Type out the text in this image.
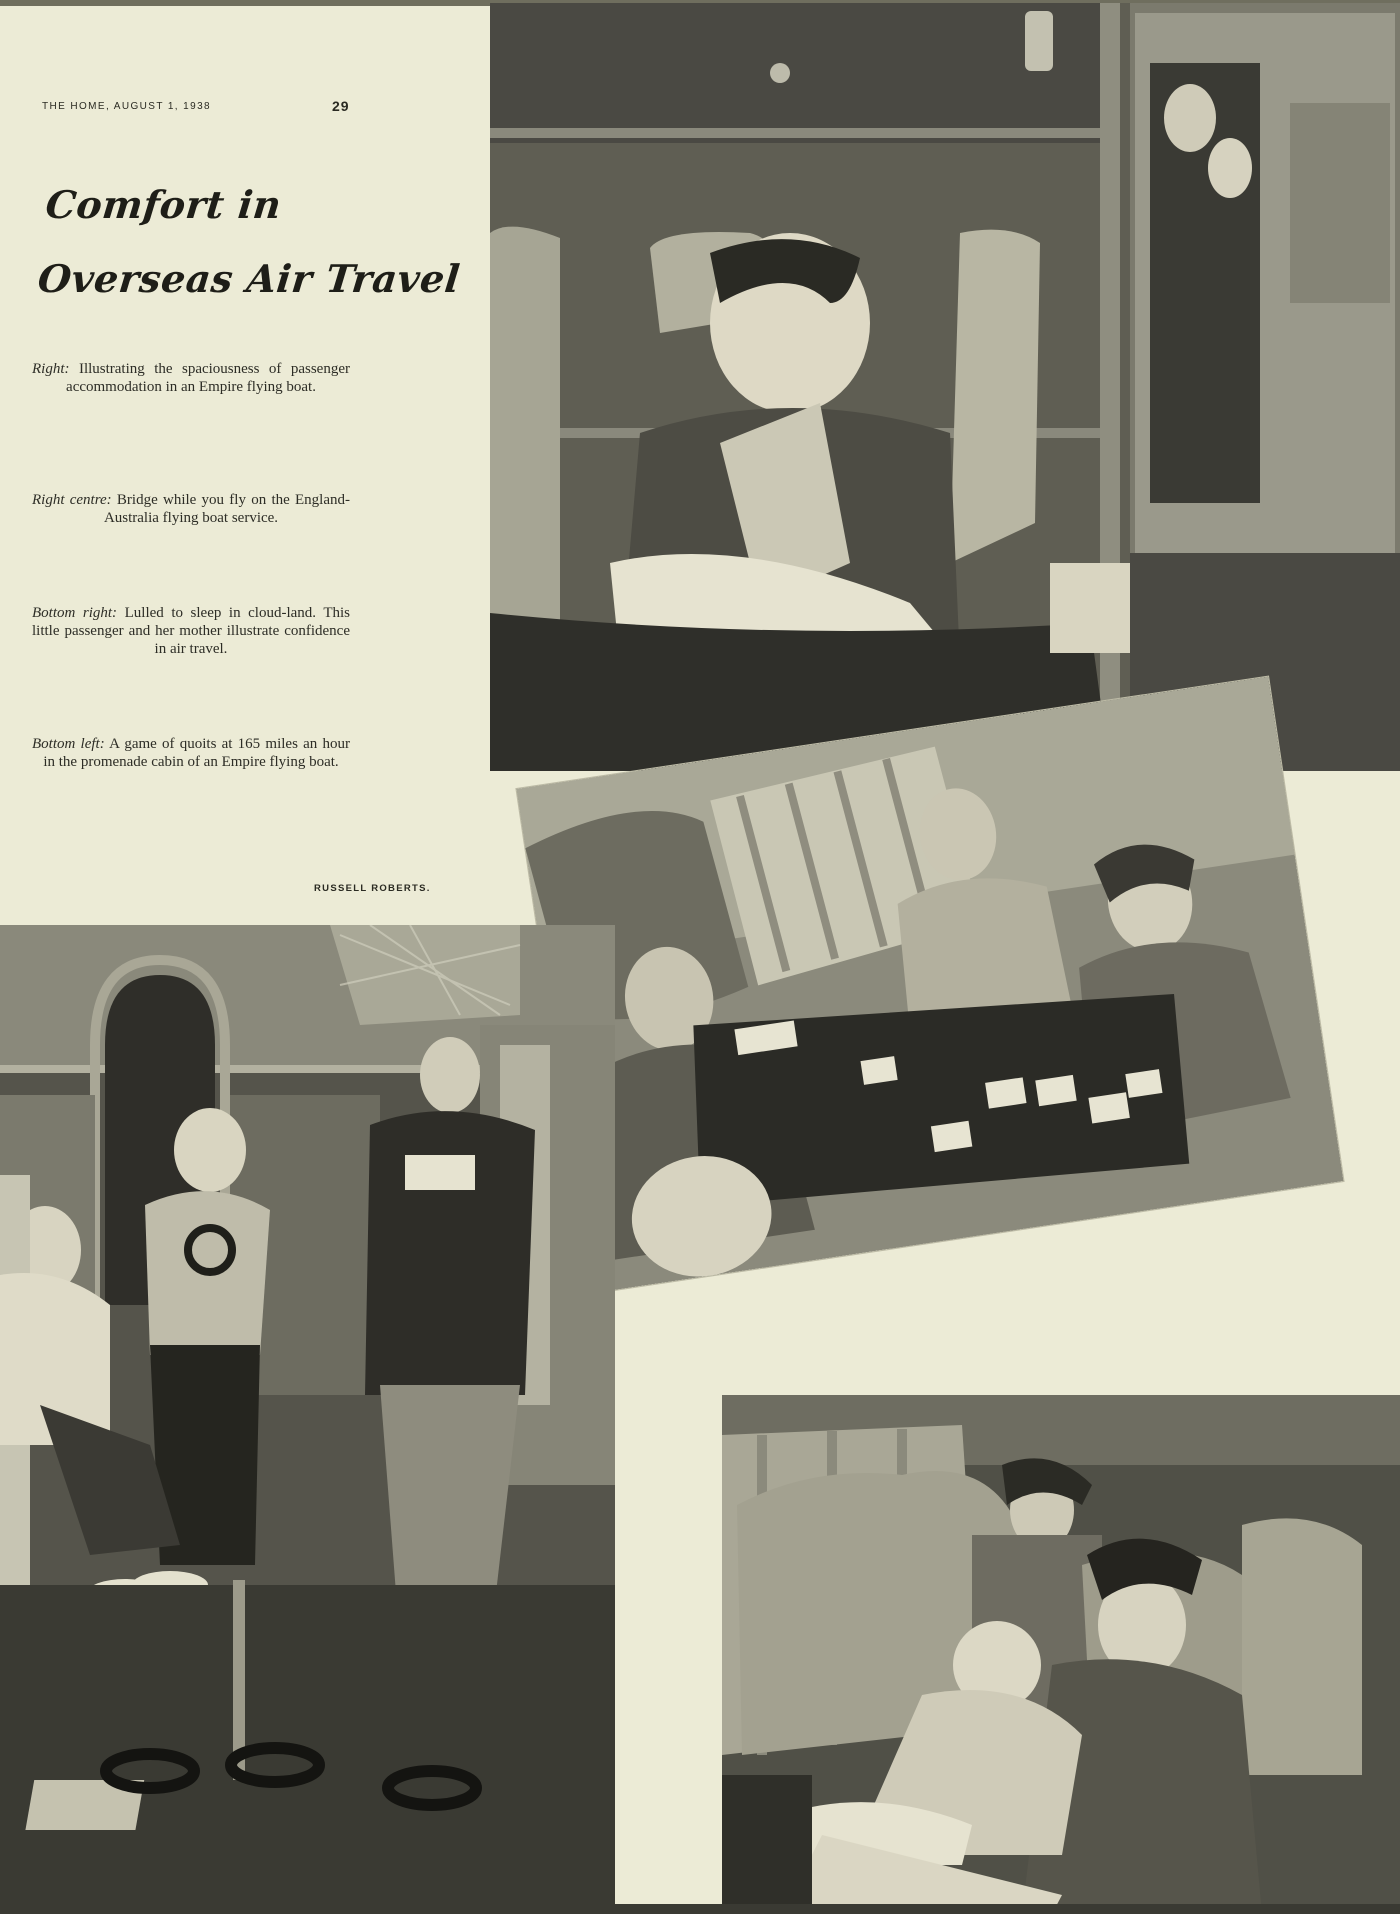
THE HOME, AUGUST 1, 1938	29
Comfort in
Overseas Air Travel
Right: Illustrating the spaciousness of passenger accommodation in an Empire flying boat.
Right centre: Bridge while you fly on the England-Australia flying boat service.
Bottom right: Lulled to sleep in cloud-land. This little passenger and her mother illustrate confidence in air travel.
Bottom left: A game of quoits at 165 miles an hour in the promenade cabin of an Empire flying boat.
RUSSELL ROBERTS.
